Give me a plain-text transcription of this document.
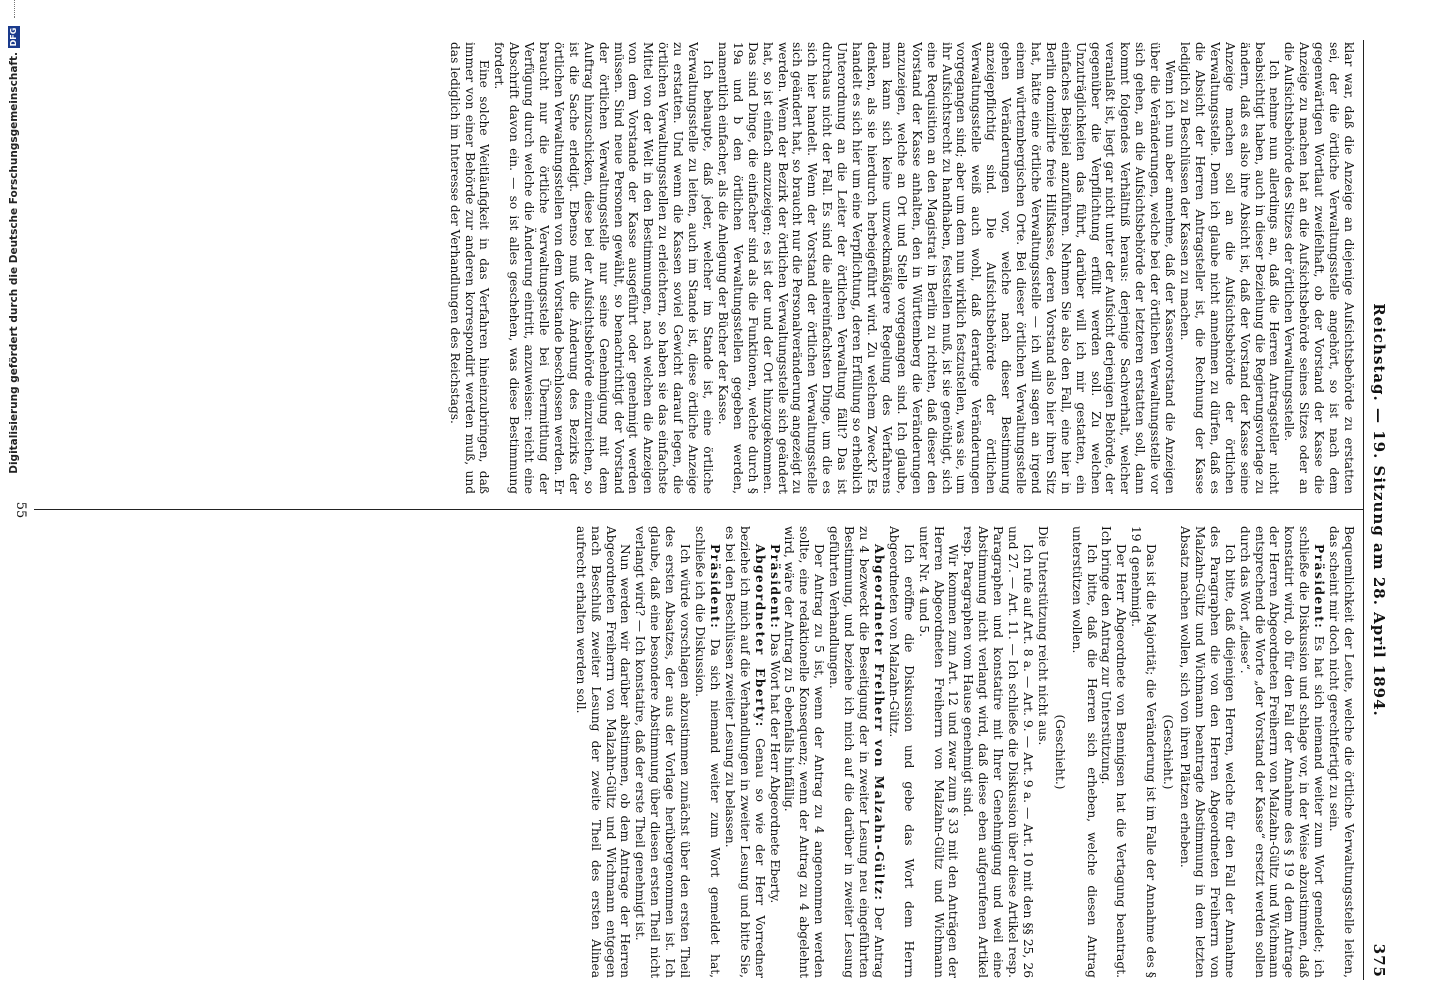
Reichstag. — 19. Sitzung am 28. April 1894.
375

klar war, daß die Anzeige an diejenige Aufsichtsbehörde zu erstatten sei, der die örtliche Verwaltungsstelle angehört, so ist nach dem gegenwärtigen Wortlaut zweifelhaft, ob der Vorstand der Kasse die Anzeige zu machen hat an die Aufsichtsbehörde seines Sitzes oder an die Aufsichtsbehörde des Sitzes der örtlichen Verwaltungsstelle.

Ich nehme nun allerdings an, daß die Herren Antragsteller nicht beabsichtigt haben, auch in dieser Beziehung die Regierungsvorlage zu ändern, daß es also ihre Absicht ist, daß der Vorstand der Kasse seine Anzeige machen soll an die Aufsichtsbehörde der örtlichen Verwaltungsstelle. Denn ich glaube nicht annehmen zu dürfen, daß es die Absicht der Herren Antragsteller ist, die Rechnung der Kasse lediglich zu Beschlüssen der Kassen zu machen.

Wenn ich nun aber annehme, daß der Kassenvorstand die Anzeigen über die Veränderungen, welche bei der örtlichen Verwaltungsstelle vor sich gehen, an die Aufsichtsbehörde der letzteren erstatten soll, dann kommt folgendes Verhältniß heraus: derjenige Sachverhalt, welcher veranlaßt ist, liegt gar nicht unter der Aufsicht derjenigen Behörde, der gegenüber die Verpflichtung erfüllt werden soll. Zu welchen Unzuträglichkeiten das führt, darüber will ich mir gestatten, ein einfaches Beispiel anzuführen. Nehmen Sie also den Fall, eine hier in Berlin domizilirte freie Hilfskasse, deren Vorstand also hier ihren Sitz hat, hätte eine örtliche Verwaltungsstelle — ich will sagen an irgend einem württembergischen Orte. Bei dieser örtlichen Verwaltungsstelle gehen Veränderungen vor, welche nach dieser Bestimmung anzeigepflichtig sind. Die Aufsichtsbehörde der örtlichen Verwaltungsstelle weiß auch wohl, daß derartige Veränderungen vorgegangen sind; aber um dem nun wirklich festzustellen, was sie, um ihr Aufsichtsrecht zu handhaben, feststellen muß, ist sie genöthigt, sich eine Requisition an den Magistrat in Berlin zu richten, daß dieser den Vorstand der Kasse anhalten, den in Württemberg die Veränderungen anzuzeigen, welche an Ort und Stelle vorgegangen sind. Ich glaube, man kann sich keine unzweckmäßigere Regelung des Verfahrens denken, als sie hierdurch herbeigeführt wird. Zu welchem Zweck? Es handelt es sich hier um eine Verpflichtung, deren Erfüllung so erheblich Unterordnung an die Leiter der örtlichen Verwaltung fällt? Das ist durchaus nicht der Fall. Es sind die allereinfachsten Dinge, um die es sich hier handelt. Wenn der Vorstand der örtlichen Verwaltungsstelle sich geändert hat, so braucht nur die Personalveränderung angezeigt zu werden. Wenn der Bezirk der örtlichen Verwaltungsstelle sich geändert hat, so ist einfach anzuzeigen; es ist der und der Ort hinzugekommen. Das sind Dinge, die einfacher sind als die Funktionen, welche durch § 19a und b den örtlichen Verwaltungsstellen gegeben werden, namentlich einfacher, als die Anlegung der Bücher der Kasse.

Ich behaupte, daß jeder, welcher im Stande ist, eine örtliche Verwaltungsstelle zu leiten, auch im Stande ist, diese örtliche Anzeige zu erstatten. Und wenn die Kassen soviel Gewicht darauf legen, die örtlichen Verwaltungsstellen zu erleichtern, so haben sie das einfachste Mittel von der Welt in den Bestimmungen, nach welchen die Anzeigen von dem Vorstande der Kasse ausgeführt oder genehmigt werden müssen. Sind neue Personen gewählt, so benachrichtigt der Vorstand der örtlichen Verwaltungsstelle nur seine Genehmigung mit dem Auftrag hinzuschicken, diese bei der Aufsichtsbehörde einzureichen, so ist die Sache erledigt. Ebenso muß die Änderung des Bezirks der örtlichen Verwaltungsstellen von dem Vorstande beschlossen werden. Er braucht nur die örtliche Verwaltungsstelle bei Übermittlung der Verfügung durch welche die Änderung eintritt, anzuweisen: reicht eine Abschrift davon ein. — so ist alles geschehen, was diese Bestimmung fordert.

Eine solche Weitläufigkeit in das Verfahren hineinzubringen, daß immer von einer Behörde zur anderen korrespondirt werden muß, und das lediglich im Interesse der Verhandlungen des Reichstags.

Bequemlichkeit der Leute, welche die örtliche Verwaltungsstelle leiten, das scheint mir doch nicht gerechtfertigt zu sein.

Präsident: Es hat sich niemand weiter zum Wort gemeldet; ich schließe die Diskussion und schlage vor, in der Weise abzustimmen, daß konstatirt wird, ob für den Fall der Annahme des § 19 d dem Antrage der Herren Abgeordneten Freiherrn von Malzahn-Gültz und Wichmann entsprechend die Worte „der Vorstand der Kasse“ ersetzt werden sollen durch das Wort „diese“.

Ich bitte, daß diejenigen Herren, welche für den Fall der Annahme des Paragraphen die von den Herren Abgeordneten Freiherrn von Malzahn-Gültz und Wichmann beantragte Abstimmung in dem letzten Absatz machen wollen, sich von ihren Plätzen erheben.

(Geschieht.)

Das ist die Majorität; die Veränderung ist im Falle der Annahme des § 19 d genehmigt.

Der Herr Abgeordnete von Bennigsen hat die Vertagung beantragt. Ich bringe den Antrag zur Unterstützung.

Ich bitte, daß die Herren sich erheben, welche diesen Antrag unterstützen wollen.

(Geschieht.)

Die Unterstützung reicht nicht aus.

Ich rufe auf Art. 8 a. — Art. 9. — Art. 9 a. — Art. 10 mit den §§ 25, 26 und 27. — Art. 11. — Ich schließe die Diskussion über diese Artikel resp. Paragraphen und konstatire mit Ihrer Genehmigung und weil eine Abstimmung nicht verlangt wird, daß diese eben aufgerufenen Artikel resp. Paragraphen vom Hause genehmigt sind.

Wir kommen zum Art. 12 und zwar zum § 33 mit den Anträgen der Herren Abgeordneten Freiherrn von Malzahn-Gültz und Wichmann unter Nr. 4 und 5.

Ich eröffne die Diskussion und gebe das Wort dem Herrn Abgeordneten von Malzahn-Gültz.

Abgeordneter Freiherr von Malzahn-Gültz: Der Antrag zu 4 bezweckt die Beseitigung der in zweiter Lesung neu eingeführten Bestimmung, und beziehe ich mich auf die darüber in zweiter Lesung geführten Verhandlungen.

Der Antrag zu 5 ist, wenn der Antrag zu 4 angenommen werden sollte, eine redaktionelle Konsequenz; wenn der Antrag zu 4 abgelehnt wird, wäre der Antrag zu 5 ebenfalls hinfällig.

Präsident: Das Wort hat der Herr Abgeordnete Eberty.

Abgeordneter Eberty: Genau so wie der Herr Vorredner beziehe ich mich auf die Verhandlungen in zweiter Lesung und bitte Sie, es bei den Beschlüssen zweiter Lesung zu belassen.

Präsident: Da sich niemand weiter zum Wort gemeldet hat, schließe ich die Diskussion.

Ich würde vorschlagen abzustimmen zunächst über den ersten Theil des ersten Absatzes, der aus der Vorlage herübergenommen ist. Ich glaube, daß eine besondere Abstimmung über diesen ersten Theil nicht verlangt wird? — Ich konstatire, daß der erste Theil genehmigt ist.

Nun werden wir darüber abstimmen, ob dem Antrage der Herren Abgeordneten Freiherrn von Malzahn-Gültz und Wichmann entgegen nach Beschluß zweiter Lesung der zweite Theil des ersten Alinea aufrecht erhalten werden soll.

55
Digitalisierung gefördert durch die Deutsche Forschungsgemeinschaft.
DFG
